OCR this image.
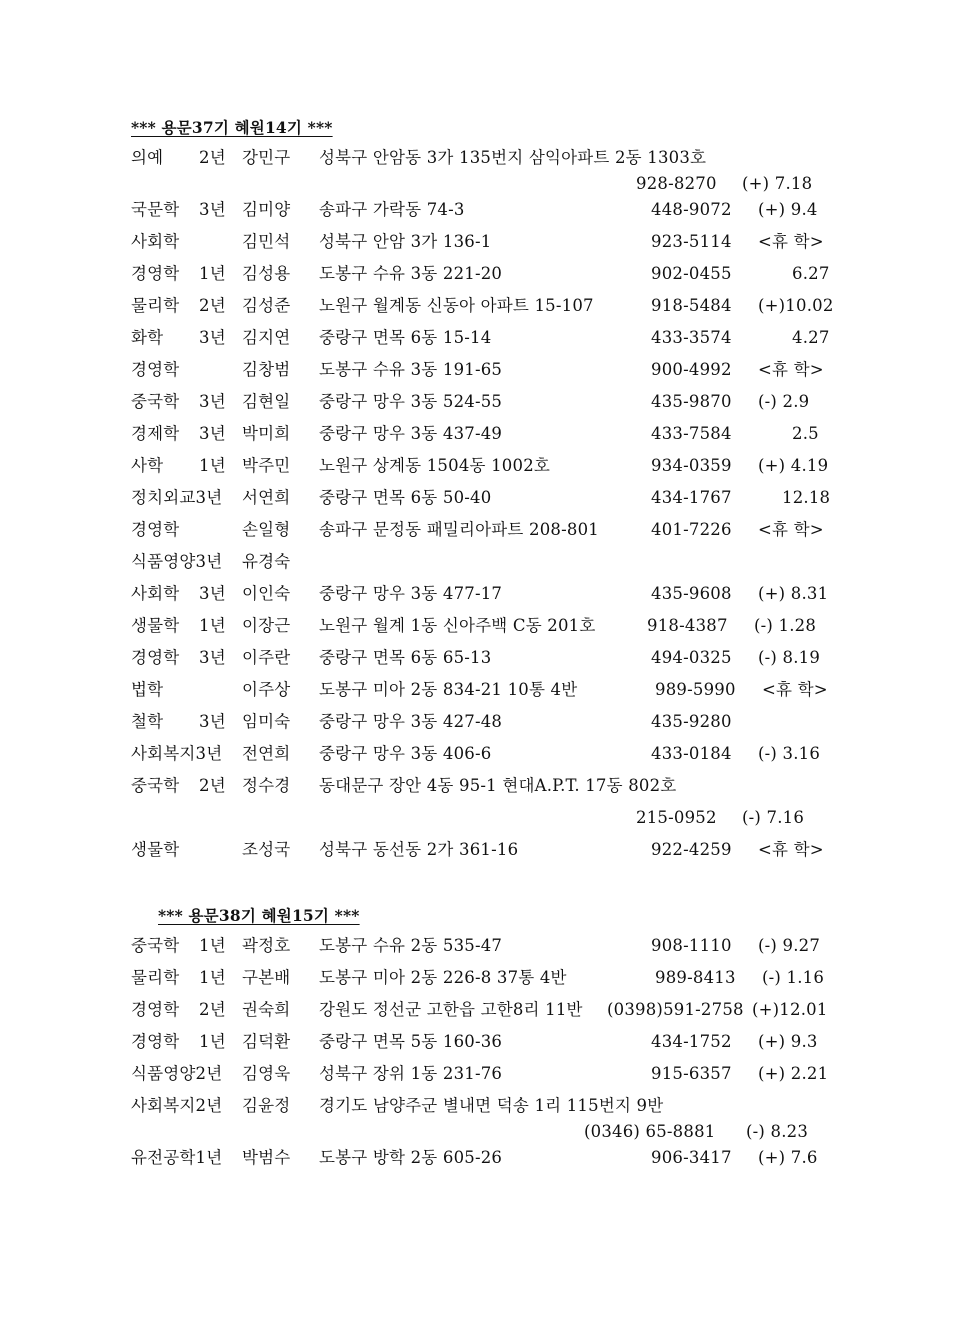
*** 용문37기 혜원14기 ***
의예 2년 강민구 성북구 안암동 3가 135번지 삼익아파트 2동 1303호
928-8270 (+) 7.18
국문학 3년 김미양 송파구 가락동 74-3	448-9072 (+) 9.4
사회학	김민석 성북구 안암 3가 136-1	923-5114 <휴 학>
경영학 1년 김성용 도봉구 수유 3동 221-20	902-0455	6.27
물리학 2년 김성준 노원구 월계동 신동아 아파트 15-107	918-5484 (+)10.02
화학 3년 김지연 중랑구 면목 6동 15-14	433-3574	4.27
경영학	김창범 도봉구 수유 3동 191-65	900-4992 <휴 학>
중국학 3년 김현일 중랑구 망우 3동 524-55	435-9870 (-) 2.9
경제학 3년 박미희 중랑구 망우 3동 437-49	433-7584	2.5
사학 1년 박주민 노원구 상계동 1504동 1002호	934-0359 (+) 4.19
정치외교3년 서연희 중랑구 면목 6동 50-40	434-1767	12.18
경영학	손일형 송파구 문정동 패밀리아파트 208-801	401-7226 <휴 학>
식품영양3년 유경숙
사회학 3년 이인숙 중랑구 망우 3동 477-17	435-9608 (+) 8.31
생물학 1년 이장근 노원구 월계 1동 신아주백 C동 201호	918-4387 (-) 1.28
경영학 3년 이주란 중랑구 면목 6동 65-13	494-0325 (-) 8.19
법학	이주상 도봉구 미아 2동 834-21 10통 4반	989-5990 <휴 학>
철학 3년 임미숙 중랑구 망우 3동 427-48	435-9280
사회복지3년 전연희 중랑구 망우 3동 406-6	433-0184 (-) 3.16
중국학 2년 정수경 동대문구 장안 4동 95-1 현대A.P.T. 17동 802호
215-0952 (-) 7.16
생물학	조성국 성북구 동선동 2가 361-16	922-4259 <휴 학>
*** 용문38기 혜원15기 ***
중국학 1년 곽정호 도봉구 수유 2동 535-47	908-1110 (-) 9.27
물리학 1년 구본배 도봉구 미아 2동 226-8 37통 4반	989-8413 (-) 1.16
경영학 2년 권숙희 강원도 정선군 고한읍 고한8리 11반 (0398)591-2758 (+)12.01
경영학 1년 김덕환 중랑구 면목 5동 160-36	434-1752 (+) 9.3
식품영양2년 김영욱 성북구 장위 1동 231-76	915-6357 (+) 2.21
사회복지2년 김윤정 경기도 남양주군 별내면 덕송 1리 115번지 9반
(0346) 65-8881 (-) 8.23
유전공학1년 박범수 도봉구 방학 2동 605-26	906-3417 (+) 7.6
